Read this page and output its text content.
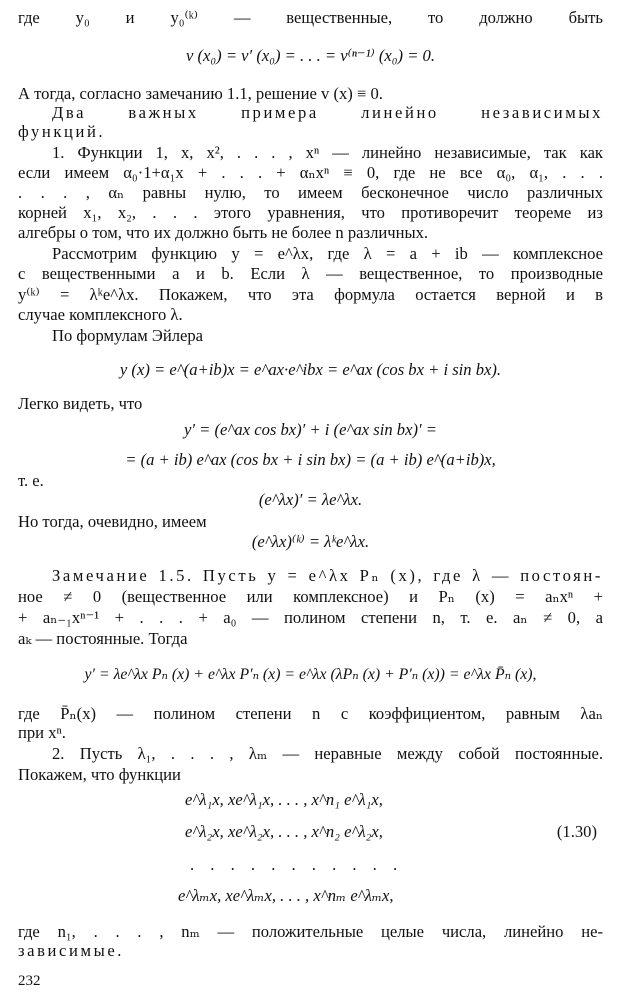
где y₀ и y₀⁽ᵏ⁾ — вещественные, то должно быть
v (x₀) = v′ (x₀) = . . . = v⁽ⁿ⁻¹⁾ (x₀) = 0.
А тогда, согласно замечанию 1.1, решение v (x) ≡ 0.
Два важных примера линейно независимых
функций.
1. Функции 1, x, x², . . . , xⁿ — линейно независимые, так как
если имеем α₀·1+α₁x + . . . + αₙxⁿ ≡ 0, где не все α₀, α₁, . . .
. . . , αₙ равны нулю, то имеем бесконечное число различных
корней x₁, x₂, . . . этого уравнения, что противоречит теореме из
алгебры о том, что их должно быть не более n различных.
Рассмотрим функцию y = e^λx, где λ = a + ib — комплексное
с вещественными a и b. Если λ — вещественное, то производные
y⁽ᵏ⁾ = λᵏe^λx. Покажем, что эта формула остается верной и в
случае комплексного λ.
По формулам Эйлера
y (x) = e^(a+ib)x = e^ax·e^ibx = e^ax (cos bx + i sin bx).
Легко видеть, что
y′ = (e^ax cos bx)′ + i (e^ax sin bx)′ =
= (a + ib) e^ax (cos bx + i sin bx) = (a + ib) e^(a+ib)x,
т. е.
(e^λx)′ = λe^λx.
Но тогда, очевидно, имеем
(e^λx)⁽ᵏ⁾ = λᵏe^λx.
Замечание 1.5. Пусть y = e^λx Pₙ (x), где λ — постоян-
ное ≠ 0 (вещественное или комплексное) и Pₙ (x) = aₙxⁿ +
+ aₙ₋₁xⁿ⁻¹ + . . . + a₀ — полином степени n, т. е. aₙ ≠ 0, а
aₖ — постоянные. Тогда
y′ = λe^λx Pₙ (x) + e^λx P′ₙ (x) = e^λx (λPₙ (x) + P′ₙ (x)) = e^λx P̄ₙ (x),
где P̄ₙ(x) — полином степени n с коэффициентом, равным λaₙ
при xⁿ.
2. Пусть λ₁, . . . , λₘ — неравные между собой постоянные.
Покажем, что функции
e^λ₁x, xe^λ₁x, . . . , x^n₁ e^λ₁x,
e^λ₂x, xe^λ₂x, . . . , x^n₂ e^λ₂x,	(1.30)
. . . . . . . . . . .
e^λₘx, xe^λₘx, . . . , x^nₘ e^λₘx,
где n₁, . . . , nₘ — положительные целые числа, линейно не-
зависимые.
232
